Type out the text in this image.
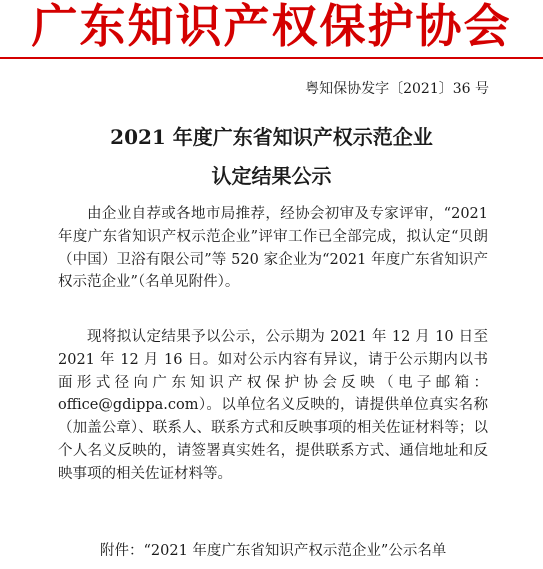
广东知识产权保护协会
粤知保协发字〔2021〕36 号
2021 年度广东省知识产权示范企业
认定结果公示
由企业自荐或各地市局推荐，经协会初审及专家评审，“2021 年度广东省知识产权示范企业”评审工作已全部完成，拟认定“贝朗（中国）卫浴有限公司”等 520 家企业为“2021 年度广东省知识产权示范企业”（名单见附件）。
现将拟认定结果予以公示，公示期为 2021 年 12 月 10 日至 2021 年 12 月 16 日。如对公示内容有异议，请于公示期内以书面形式径向广东知识产权保护协会反映（电子邮箱：office@gdippa.com）。以单位名义反映的，请提供单位真实名称（加盖公章）、联系人、联系方式和反映事项的相关佐证材料等；以个人名义反映的，请签署真实姓名，提供联系方式、通信地址和反映事项的相关佐证材料等。
附件：“2021 年度广东省知识产权示范企业”公示名单
